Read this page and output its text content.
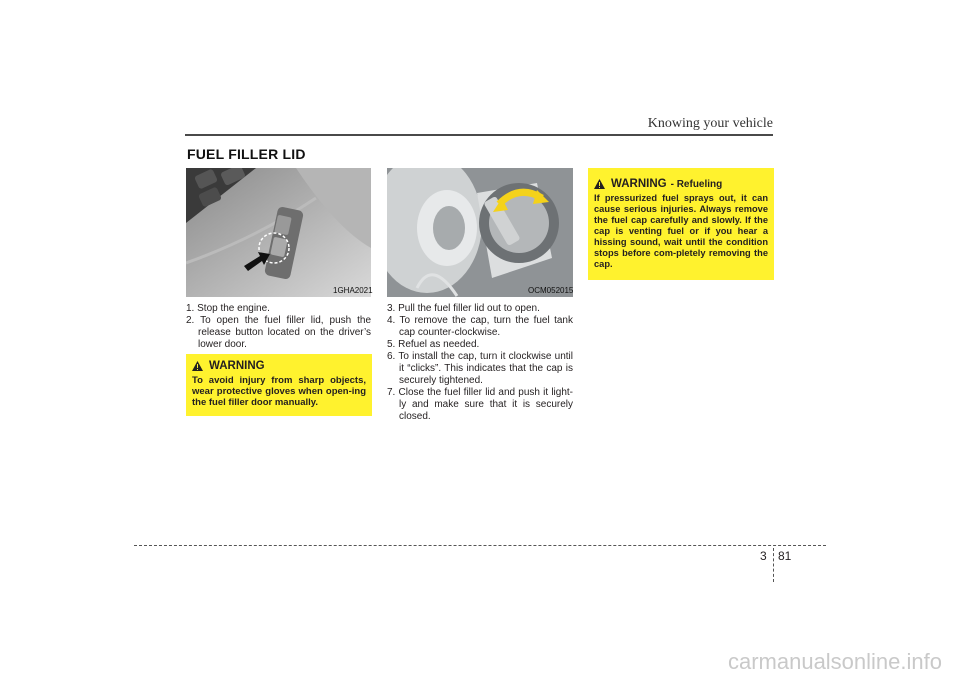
Knowing your vehicle
FUEL FILLER LID
1GHA2021	OCM052015
1. Stop the engine.
2. To open the fuel filler lid, push the release button located on the driver’s lower door.
WARNING
To avoid injury from sharp objects, wear protective gloves when open-ing the fuel filler door manually.
3. Pull the fuel filler lid out to open.
4. To remove the cap, turn the fuel tank cap counter-clockwise.
5. Refuel as needed.
6. To install the cap, turn it clockwise until it “clicks”. This indicates that the cap is securely tightened.
7. Close the fuel filler lid and push it light-ly and make sure that it is securely closed.
WARNING - Refueling
If pressurized fuel sprays out, it can cause serious injuries. Always remove the fuel cap carefully and slowly. If the cap is venting fuel or if you hear a hissing sound, wait until the condition stops before com-pletely removing the cap.
3 81
carmanualsonline.info
